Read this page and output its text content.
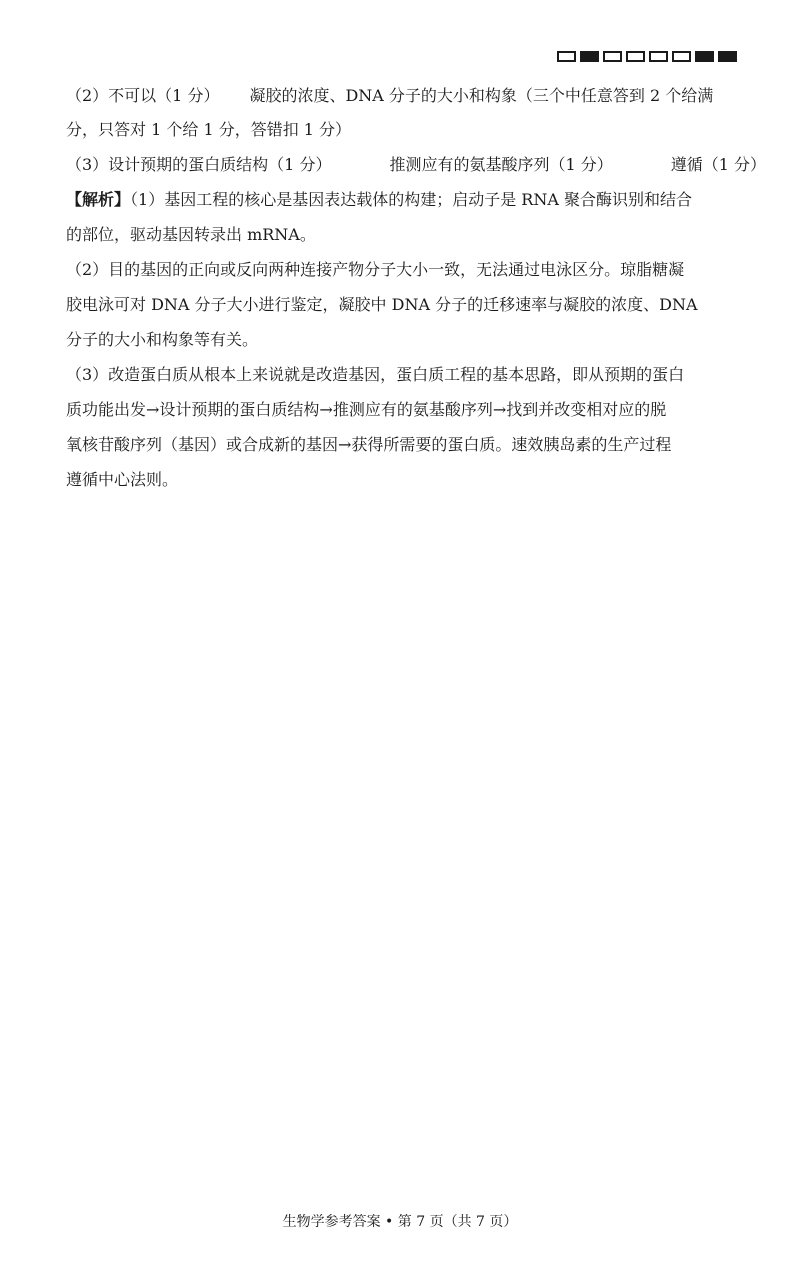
（2）不可以（1 分） 凝胶的浓度、DNA 分子的大小和构象（三个中任意答到 2 个给满
分，只答对 1 个给 1 分，答错扣 1 分）
（3）设计预期的蛋白质结构（1 分）	推测应有的氨基酸序列（1 分）	遵循（1 分）
【解析】（1）基因工程的核心是基因表达载体的构建；启动子是 RNA 聚合酶识别和结合
的部位，驱动基因转录出 mRNA。
（2）目的基因的正向或反向两种连接产物分子大小一致，无法通过电泳区分。琼脂糖凝
胶电泳可对 DNA 分子大小进行鉴定，凝胶中 DNA 分子的迁移速率与凝胶的浓度、DNA
分子的大小和构象等有关。
（3）改造蛋白质从根本上来说就是改造基因，蛋白质工程的基本思路，即从预期的蛋白
质功能出发→设计预期的蛋白质结构→推测应有的氨基酸序列→找到并改变相对应的脱
氧核苷酸序列（基因）或合成新的基因→获得所需要的蛋白质。速效胰岛素的生产过程
遵循中心法则。
生物学参考答案 • 第 7 页（共 7 页）
